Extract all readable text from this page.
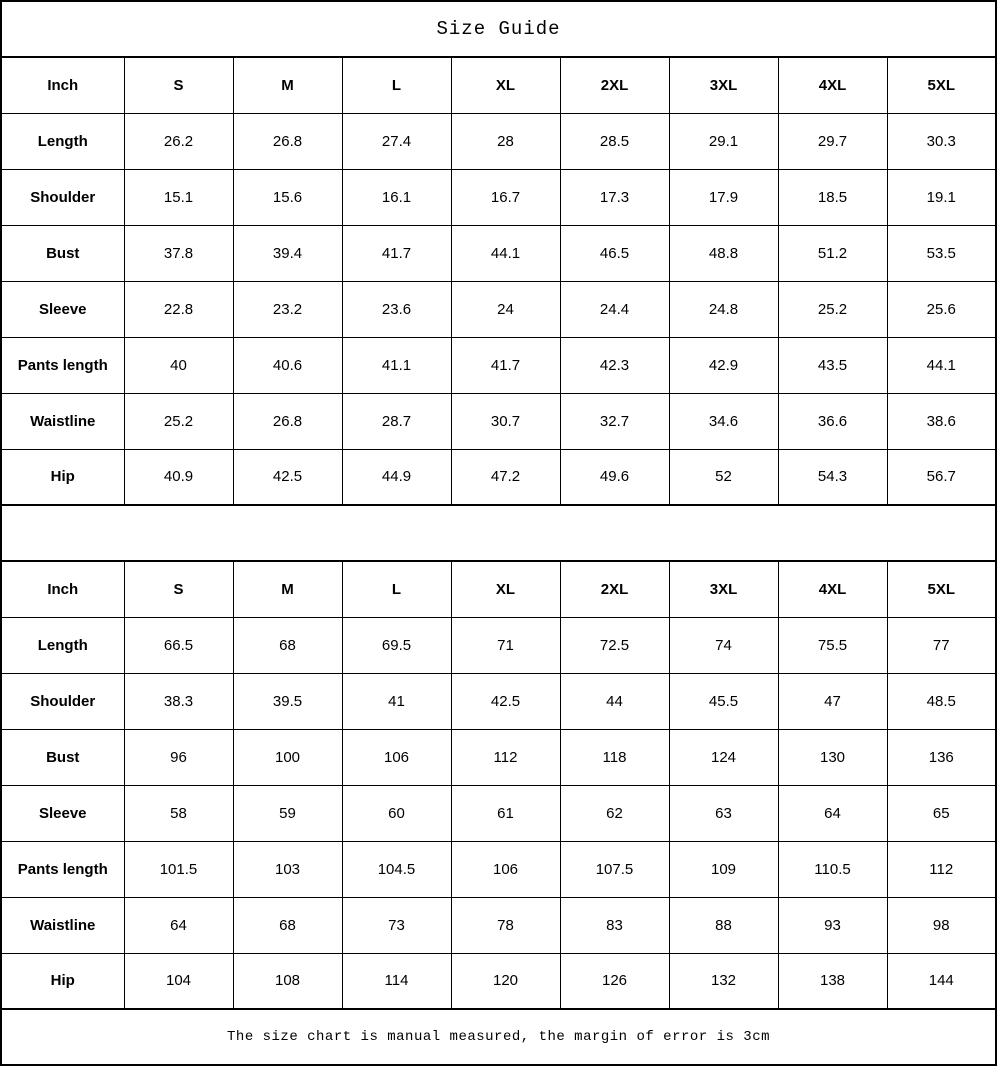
Size Guide								
Inch	S	M	L	XL	2XL	3XL	4XL	5XL
Length	26.2	26.8	27.4	28	28.5	29.1	29.7	30.3
Shoulder	15.1	15.6	16.1	16.7	17.3	17.9	18.5	19.1
Bust	37.8	39.4	41.7	44.1	46.5	48.8	51.2	53.5
Sleeve	22.8	23.2	23.6	24	24.4	24.8	25.2	25.6
Pants length	40	40.6	41.1	41.7	42.3	42.9	43.5	44.1
Waistline	25.2	26.8	28.7	30.7	32.7	34.6	36.6	38.6
Hip	40.9	42.5	44.9	47.2	49.6	52	54.3	56.7

Inch	S	M	L	XL	2XL	3XL	4XL	5XL
Length	66.5	68	69.5	71	72.5	74	75.5	77
Shoulder	38.3	39.5	41	42.5	44	45.5	47	48.5
Bust	96	100	106	112	118	124	130	136
Sleeve	58	59	60	61	62	63	64	65
Pants length	101.5	103	104.5	106	107.5	109	110.5	112
Waistline	64	68	73	78	83	88	93	98
Hip	104	108	114	120	126	132	138	144
The size chart is manual measured, the margin of error is 3cm								
